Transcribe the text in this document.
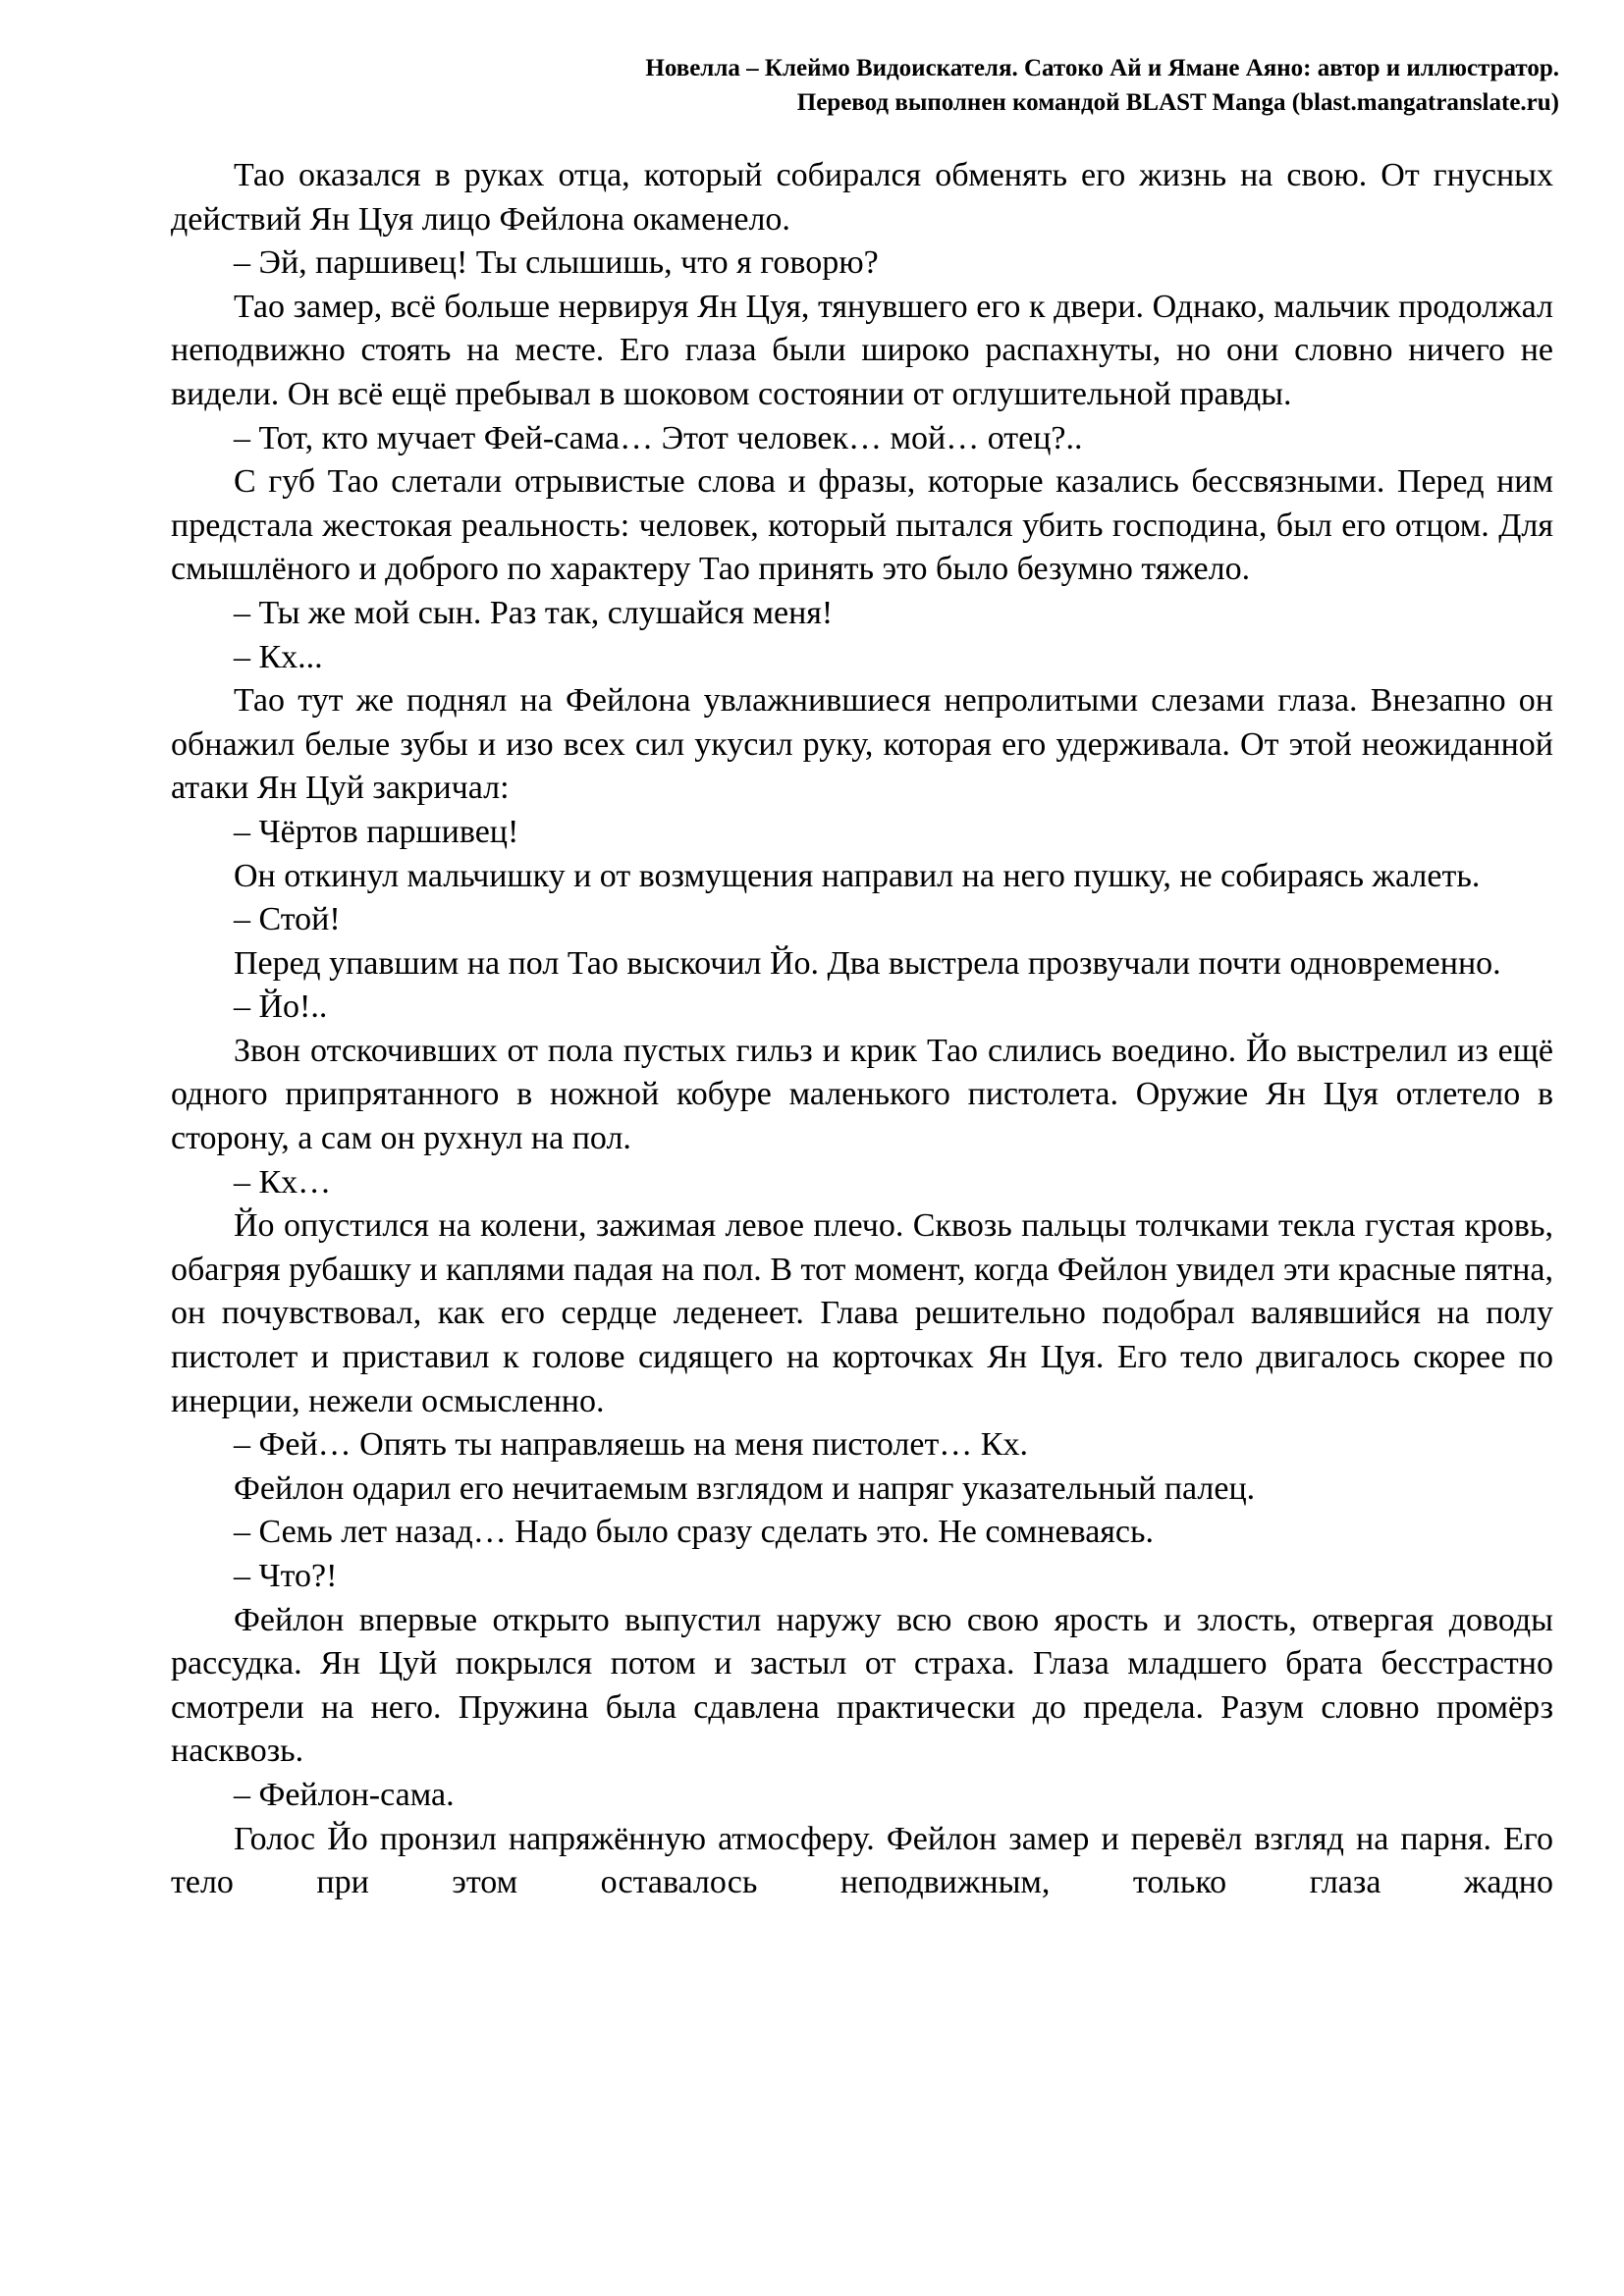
Новелла – Клеймо Видоискателя. Сатоко Ай и Ямане Аяно: автор и иллюстратор.
Перевод выполнен командой BLAST Manga (blast.mangatranslate.ru)

Тао оказался в руках отца, который собирался обменять его жизнь на свою. От гнусных действий Ян Цуя лицо Фейлона окаменело.

– Эй, паршивец! Ты слышишь, что я говорю?

Тао замер, всё больше нервируя Ян Цуя, тянувшего его к двери. Однако, мальчик продолжал неподвижно стоять на месте. Его глаза были широко распахнуты, но они словно ничего не видели. Он всё ещё пребывал в шоковом состоянии от оглушительной правды.

– Тот, кто мучает Фей-сама… Этот человек… мой… отец?..

С губ Тао слетали отрывистые слова и фразы, которые казались бессвязными. Перед ним предстала жестокая реальность: человек, который пытался убить господина, был его отцом. Для смышлёного и доброго по характеру Тао принять это было безумно тяжело.

– Ты же мой сын. Раз так, слушайся меня!

– Кх...

Тао тут же поднял на Фейлона увлажнившиеся непролитыми слезами глаза. Внезапно он обнажил белые зубы и изо всех сил укусил руку, которая его удерживала. От этой неожиданной атаки Ян Цуй закричал:

– Чёртов паршивец!

Он откинул мальчишку и от возмущения направил на него пушку, не собираясь жалеть.

– Стой!

Перед упавшим на пол Тао выскочил Йо. Два выстрела прозвучали почти одновременно.

– Йо!..

Звон отскочивших от пола пустых гильз и крик Тао слились воедино. Йо выстрелил из ещё одного припрятанного в ножной кобуре маленького пистолета. Оружие Ян Цуя отлетело в сторону, а сам он рухнул на пол.

– Кх…

Йо опустился на колени, зажимая левое плечо. Сквозь пальцы толчками текла густая кровь, обагряя рубашку и каплями падая на пол. В тот момент, когда Фейлон увидел эти красные пятна, он почувствовал, как его сердце леденеет. Глава решительно подобрал валявшийся на полу пистолет и приставил к голове сидящего на корточках Ян Цуя. Его тело двигалось скорее по инерции, нежели осмысленно.

– Фей… Опять ты направляешь на меня пистолет… Кх.

Фейлон одарил его нечитаемым взглядом и напряг указательный палец.

– Семь лет назад… Надо было сразу сделать это. Не сомневаясь.

– Что?!

Фейлон впервые открыто выпустил наружу всю свою ярость и злость, отвергая доводы рассудка. Ян Цуй покрылся потом и застыл от страха. Глаза младшего брата бесстрастно смотрели на него. Пружина была сдавлена практически до предела. Разум словно промёрз насквозь.

– Фейлон-сама.

Голос Йо пронзил напряжённую атмосферу. Фейлон замер и перевёл взгляд на парня. Его тело при этом оставалось неподвижным, только глаза жадно
